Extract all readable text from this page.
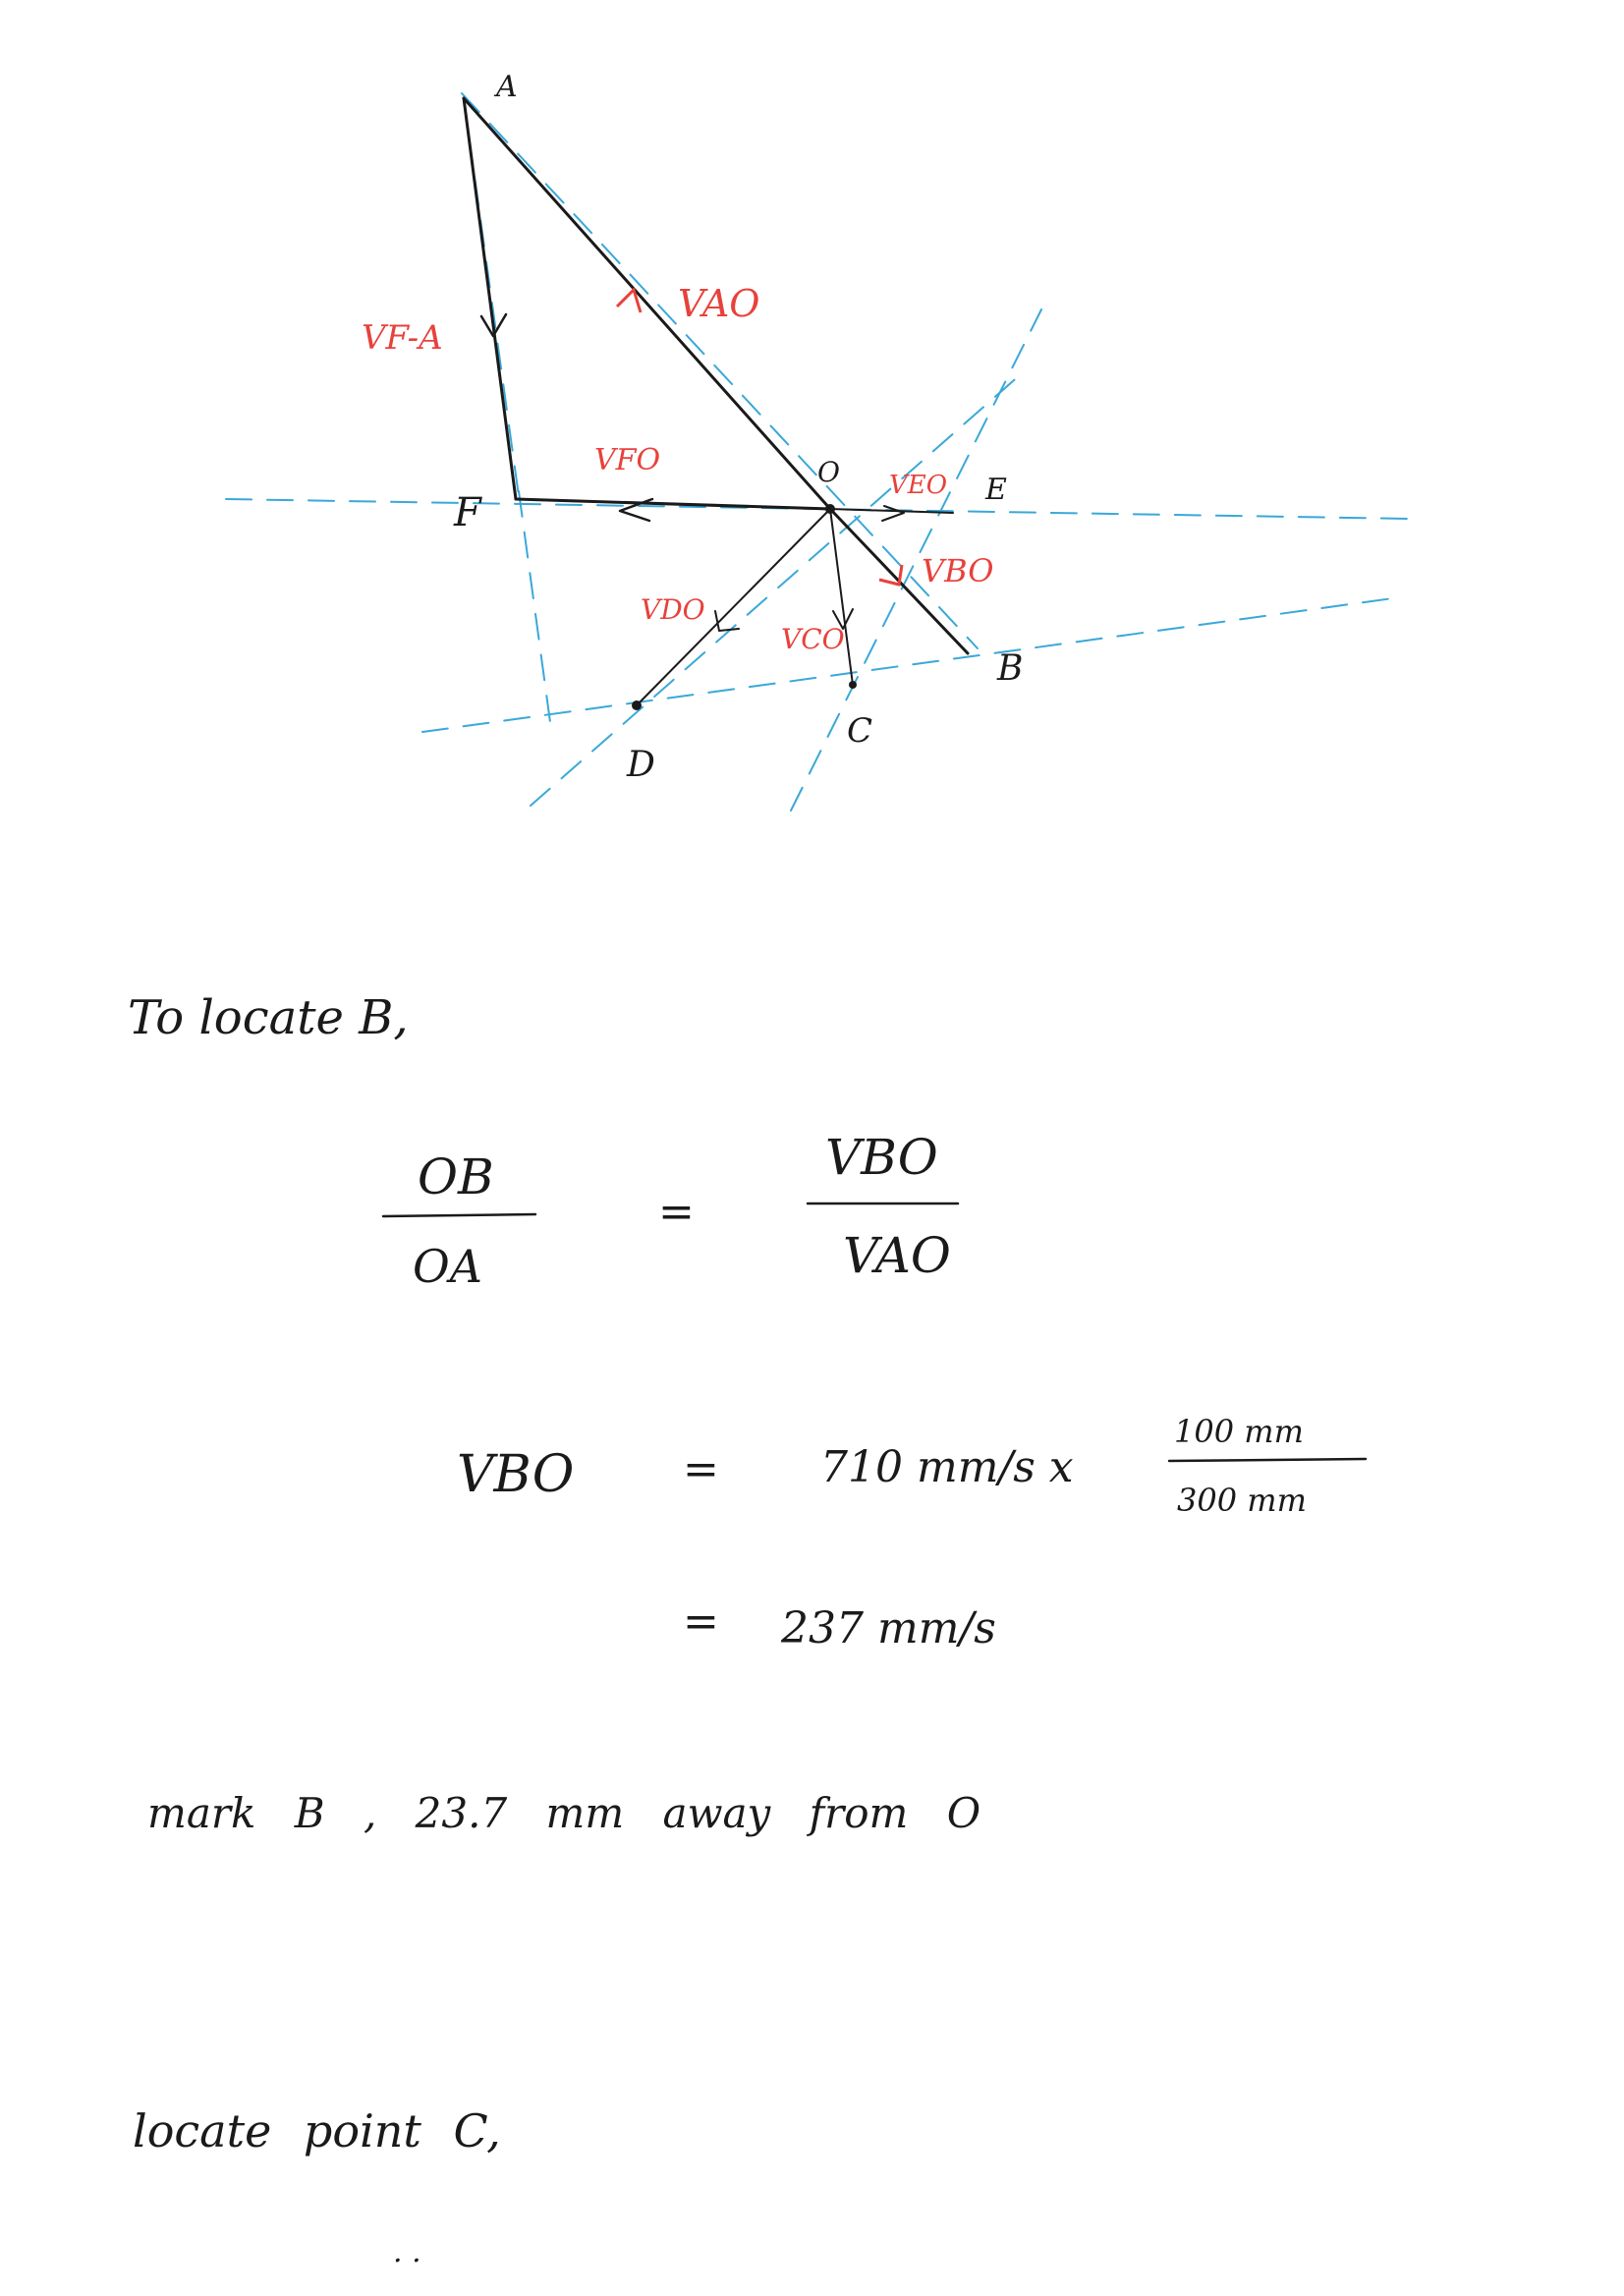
A
F
O
E
B
C
D
VF-A
VAO
VFO
VEO
VBO
VDO
VCO
To locate B,
OB
OA
=
VBO
VAO
VBO	= 710 mm/s x
100 mm
300 mm
= 237 mm/s
mark B , 23.7 mm away from O
locate point C,
. .
